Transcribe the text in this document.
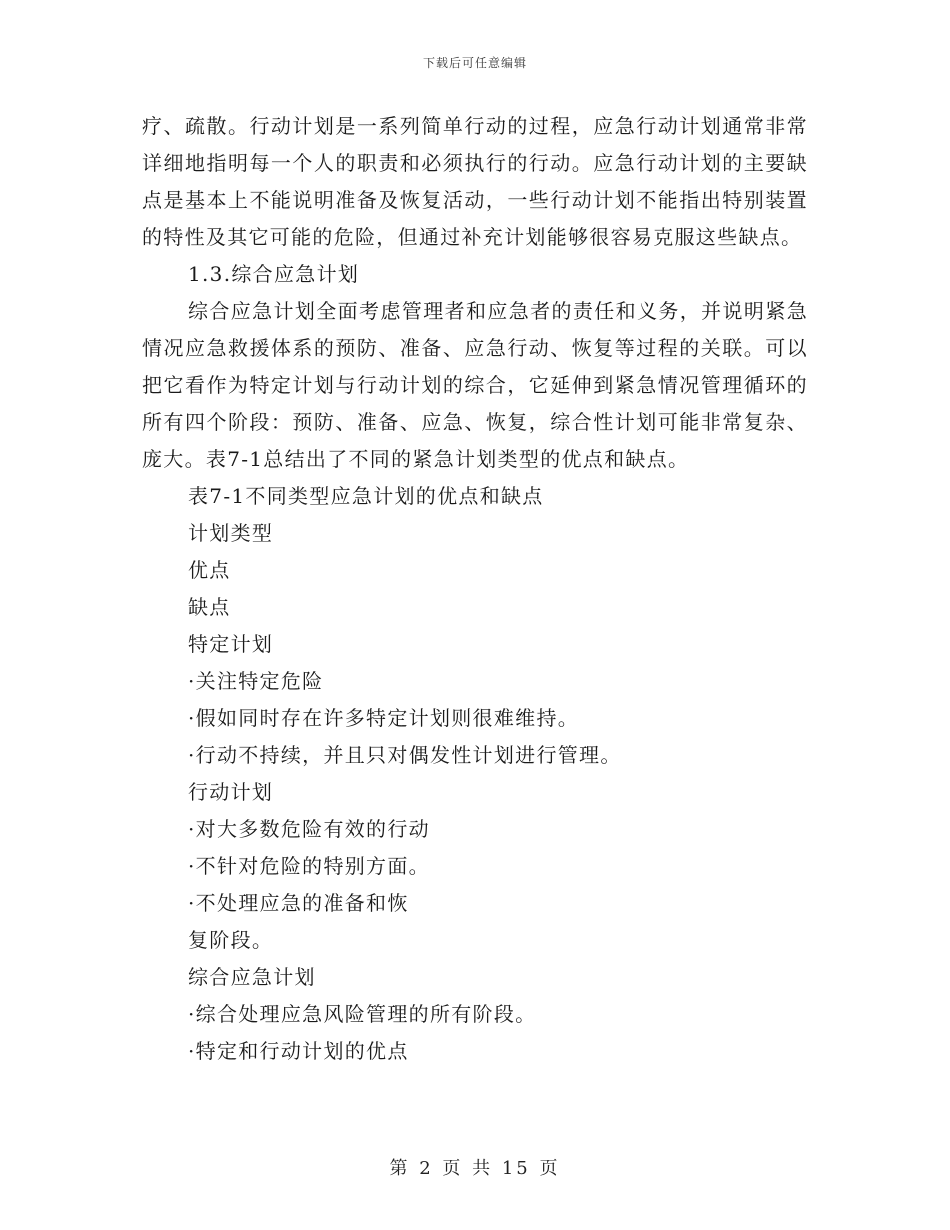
下载后可任意编辑

疗、疏散。行动计划是一系列简单行动的过程，应急行动计划通常非常详细地指明每一个人的职责和必须执行的行动。应急行动计划的主要缺点是基本上不能说明准备及恢复活动，一些行动计划不能指出特别装置的特性及其它可能的危险，但通过补充计划能够很容易克服这些缺点。

1.3.综合应急计划

综合应急计划全面考虑管理者和应急者的责任和义务，并说明紧急情况应急救援体系的预防、准备、应急行动、恢复等过程的关联。可以把它看作为特定计划与行动计划的综合，它延伸到紧急情况管理循环的所有四个阶段：预防、准备、应急、恢复，综合性计划可能非常复杂、庞大。表7-1总结出了不同的紧急计划类型的优点和缺点。

表7-1不同类型应急计划的优点和缺点

计划类型

优点

缺点

特定计划

·关注特定危险

·假如同时存在许多特定计划则很难维持。

·行动不持续，并且只对偶发性计划进行管理。

行动计划

·对大多数危险有效的行动

·不针对危险的特别方面。

·不处理应急的准备和恢

复阶段。

综合应急计划

·综合处理应急风险管理的所有阶段。

·特定和行动计划的优点

第 2 页 共 15 页
